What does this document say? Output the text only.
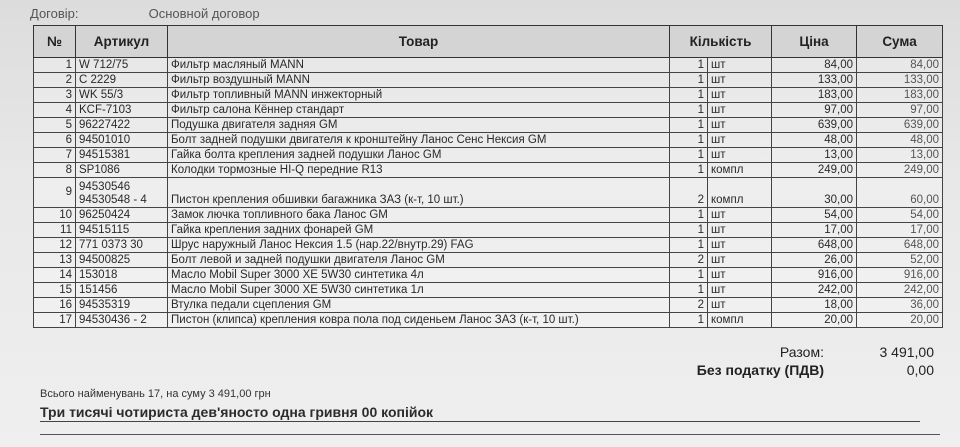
Договір:	Основной договор
№	Артикул	Товар	Кількість		Ціна	Сума
1	W 712/75	Фильтр масляный MANN	1	шт	84,00	84,00
2	C 2229	Фильтр воздушный MANN	1	шт	133,00	133,00
3	WK 55/3	Фильтр топливный MANN инжекторный	1	шт	183,00	183,00
4	KCF-7103	Фильтр салона Кённер стандарт	1	шт	97,00	97,00
5	96227422	Подушка двигателя задняя GM	1	шт	639,00	639,00
6	94501010	Болт задней подушки двигателя к кронштейну Ланос Сенс Нексия GM	1	шт	48,00	48,00
7	94515381	Гайка болта крепления задней подушки Ланос GM	1	шт	13,00	13,00
8	SP1086	Колодки тормозные HI-Q передние R13	1	компл	249,00	249,00
9	94530546
94530548 - 4	Пистон крепления обшивки багажника ЗАЗ (к-т, 10 шт.)	2	компл	30,00	60,00
10	96250424	Замок лючка топливного бака Ланос GM	1	шт	54,00	54,00
11	94515115	Гайка крепления задних фонарей GM	1	шт	17,00	17,00
12	771 0373 30	Шрус наружный Ланос Нексия 1.5 (нар.22/внутр.29) FAG	1	шт	648,00	648,00
13	94500825	Болт левой и задней подушки двигателя Ланос GM	2	шт	26,00	52,00
14	153018	Масло Mobil Super 3000 XE 5W30 синтетика 4л	1	шт	916,00	916,00
15	151456	Масло Mobil Super 3000 XE 5W30 синтетика 1л	1	шт	242,00	242,00
16	94535319	Втулка педали сцепления GM	2	шт	18,00	36,00
17	94530436 - 2	Пистон (клипса) крепления ковра пола под сиденьем Ланос ЗАЗ (к-т, 10 шт.)	1	компл	20,00	20,00
Разом:	3 491,00
Без податку (ПДВ)	0,00
Всього найменувань 17, на суму 3 491,00 грн
Три тисячі чотириста дев'яносто одна гривня 00 копійок
